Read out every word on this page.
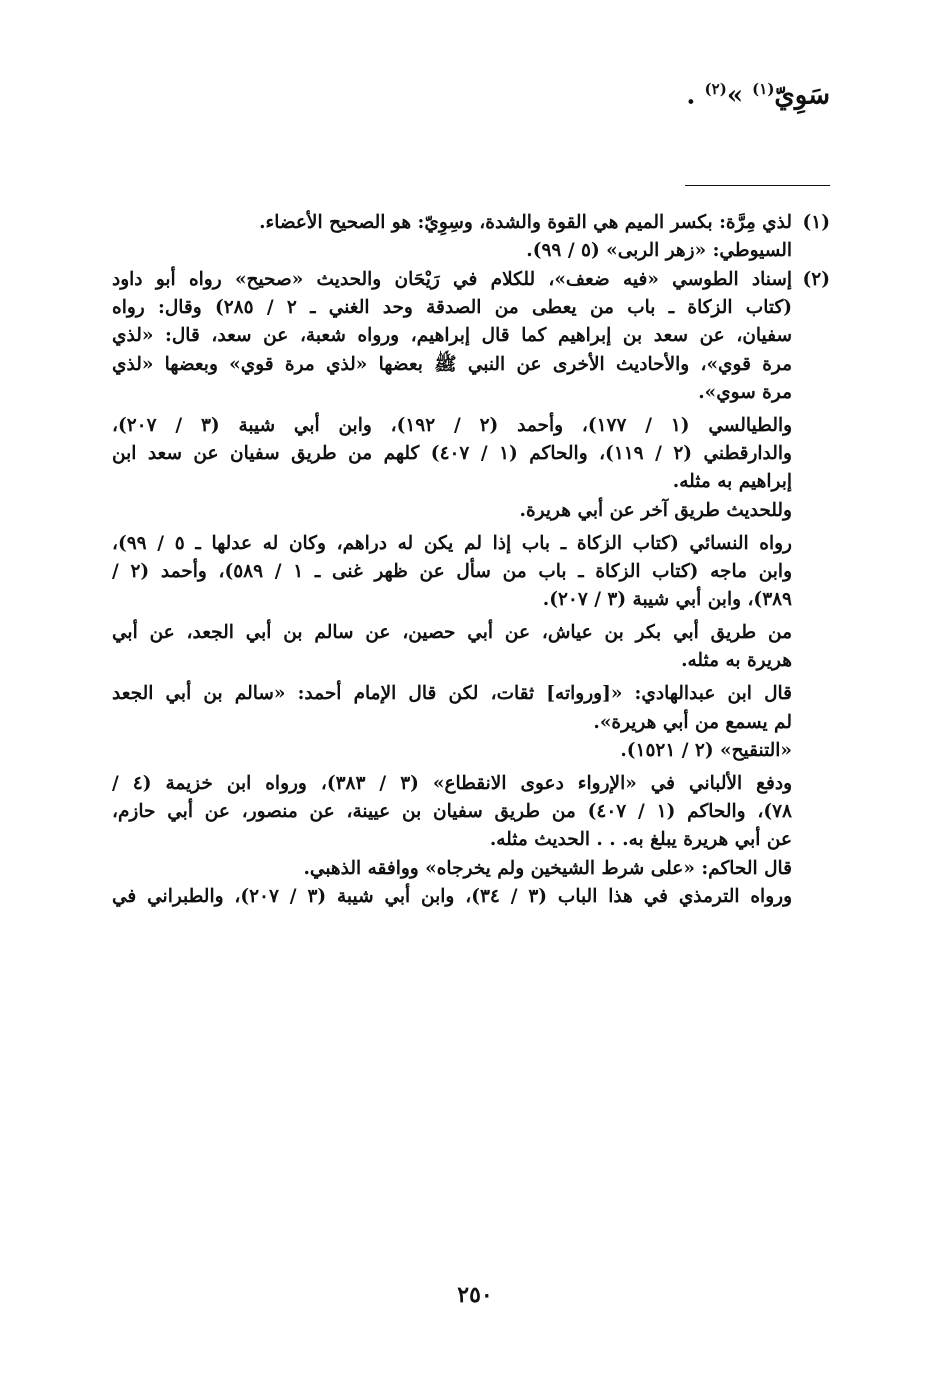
سَوِيّ$^{(١)}$ »$^{(٢)}$ .
(١)
لذي مِرَّة: بكسر الميم هي القوة والشدة، وسِوِيّ: هو الصحيح الأعضاء.
السيوطي: «زهر الربى» (٥ / ٩٩).
(٢)
إسناد الطوسي «فيه ضعف»، للكلام في رَيْحَان والحديث «صحيح» رواه أبو داود
(كتاب الزكاة ـ باب من يعطى من الصدقة وحد الغني ـ ٢ / ٢٨٥) وقال: رواه
سفيان، عن سعد بن إبراهيم كما قال إبراهيم، ورواه شعبة، عن سعد، قال: «لذي
مرة قوي»، والأحاديث الأخرى عن النبي ﷺ بعضها «لذي مرة قوي» وبعضها «لذي
مرة سوي».
والطيالسي (١ / ١٧٧)، وأحمد (٢ / ١٩٢)، وابن أبي شيبة (٣ / ٢٠٧)،
والدارقطني (٢ / ١١٩)، والحاكم (١ / ٤٠٧) كلهم من طريق سفيان عن سعد ابن
إبراهيم به مثله.
وللحديث طريق آخر عن أبي هريرة.
رواه النسائي (كتاب الزكاة ـ باب إذا لم يكن له دراهم، وكان له عدلها ـ ٥ / ٩٩)،
وابن ماجه (كتاب الزكاة ـ باب من سأل عن ظهر غنى ـ ١ / ٥٨٩)، وأحمد (٢ /
٣٨٩)، وابن أبي شيبة (٣ / ٢٠٧).
من طريق أبي بكر بن عياش، عن أبي حصين، عن سالم بن أبي الجعد، عن أبي
هريرة به مثله.
قال ابن عبدالهادي: «[ورواته] ثقات، لكن قال الإمام أحمد: «سالم بن أبي الجعد
لم يسمع من أبي هريرة».
«التنقيح» (٢ / ١٥٢١).
ودفع الألباني في «الإرواء دعوى الانقطاع» (٣ / ٣٨٣)، ورواه ابن خزيمة (٤ /
٧٨)، والحاكم (١ / ٤٠٧) من طريق سفيان بن عيينة، عن منصور، عن أبي حازم،
عن أبي هريرة يبلغ به. . . الحديث مثله.
قال الحاكم: «على شرط الشيخين ولم يخرجاه» ووافقه الذهبي.
ورواه الترمذي في هذا الباب (٣ / ٣٤)، وابن أبي شيبة (٣ / ٢٠٧)، والطبراني في
٢٥٠
